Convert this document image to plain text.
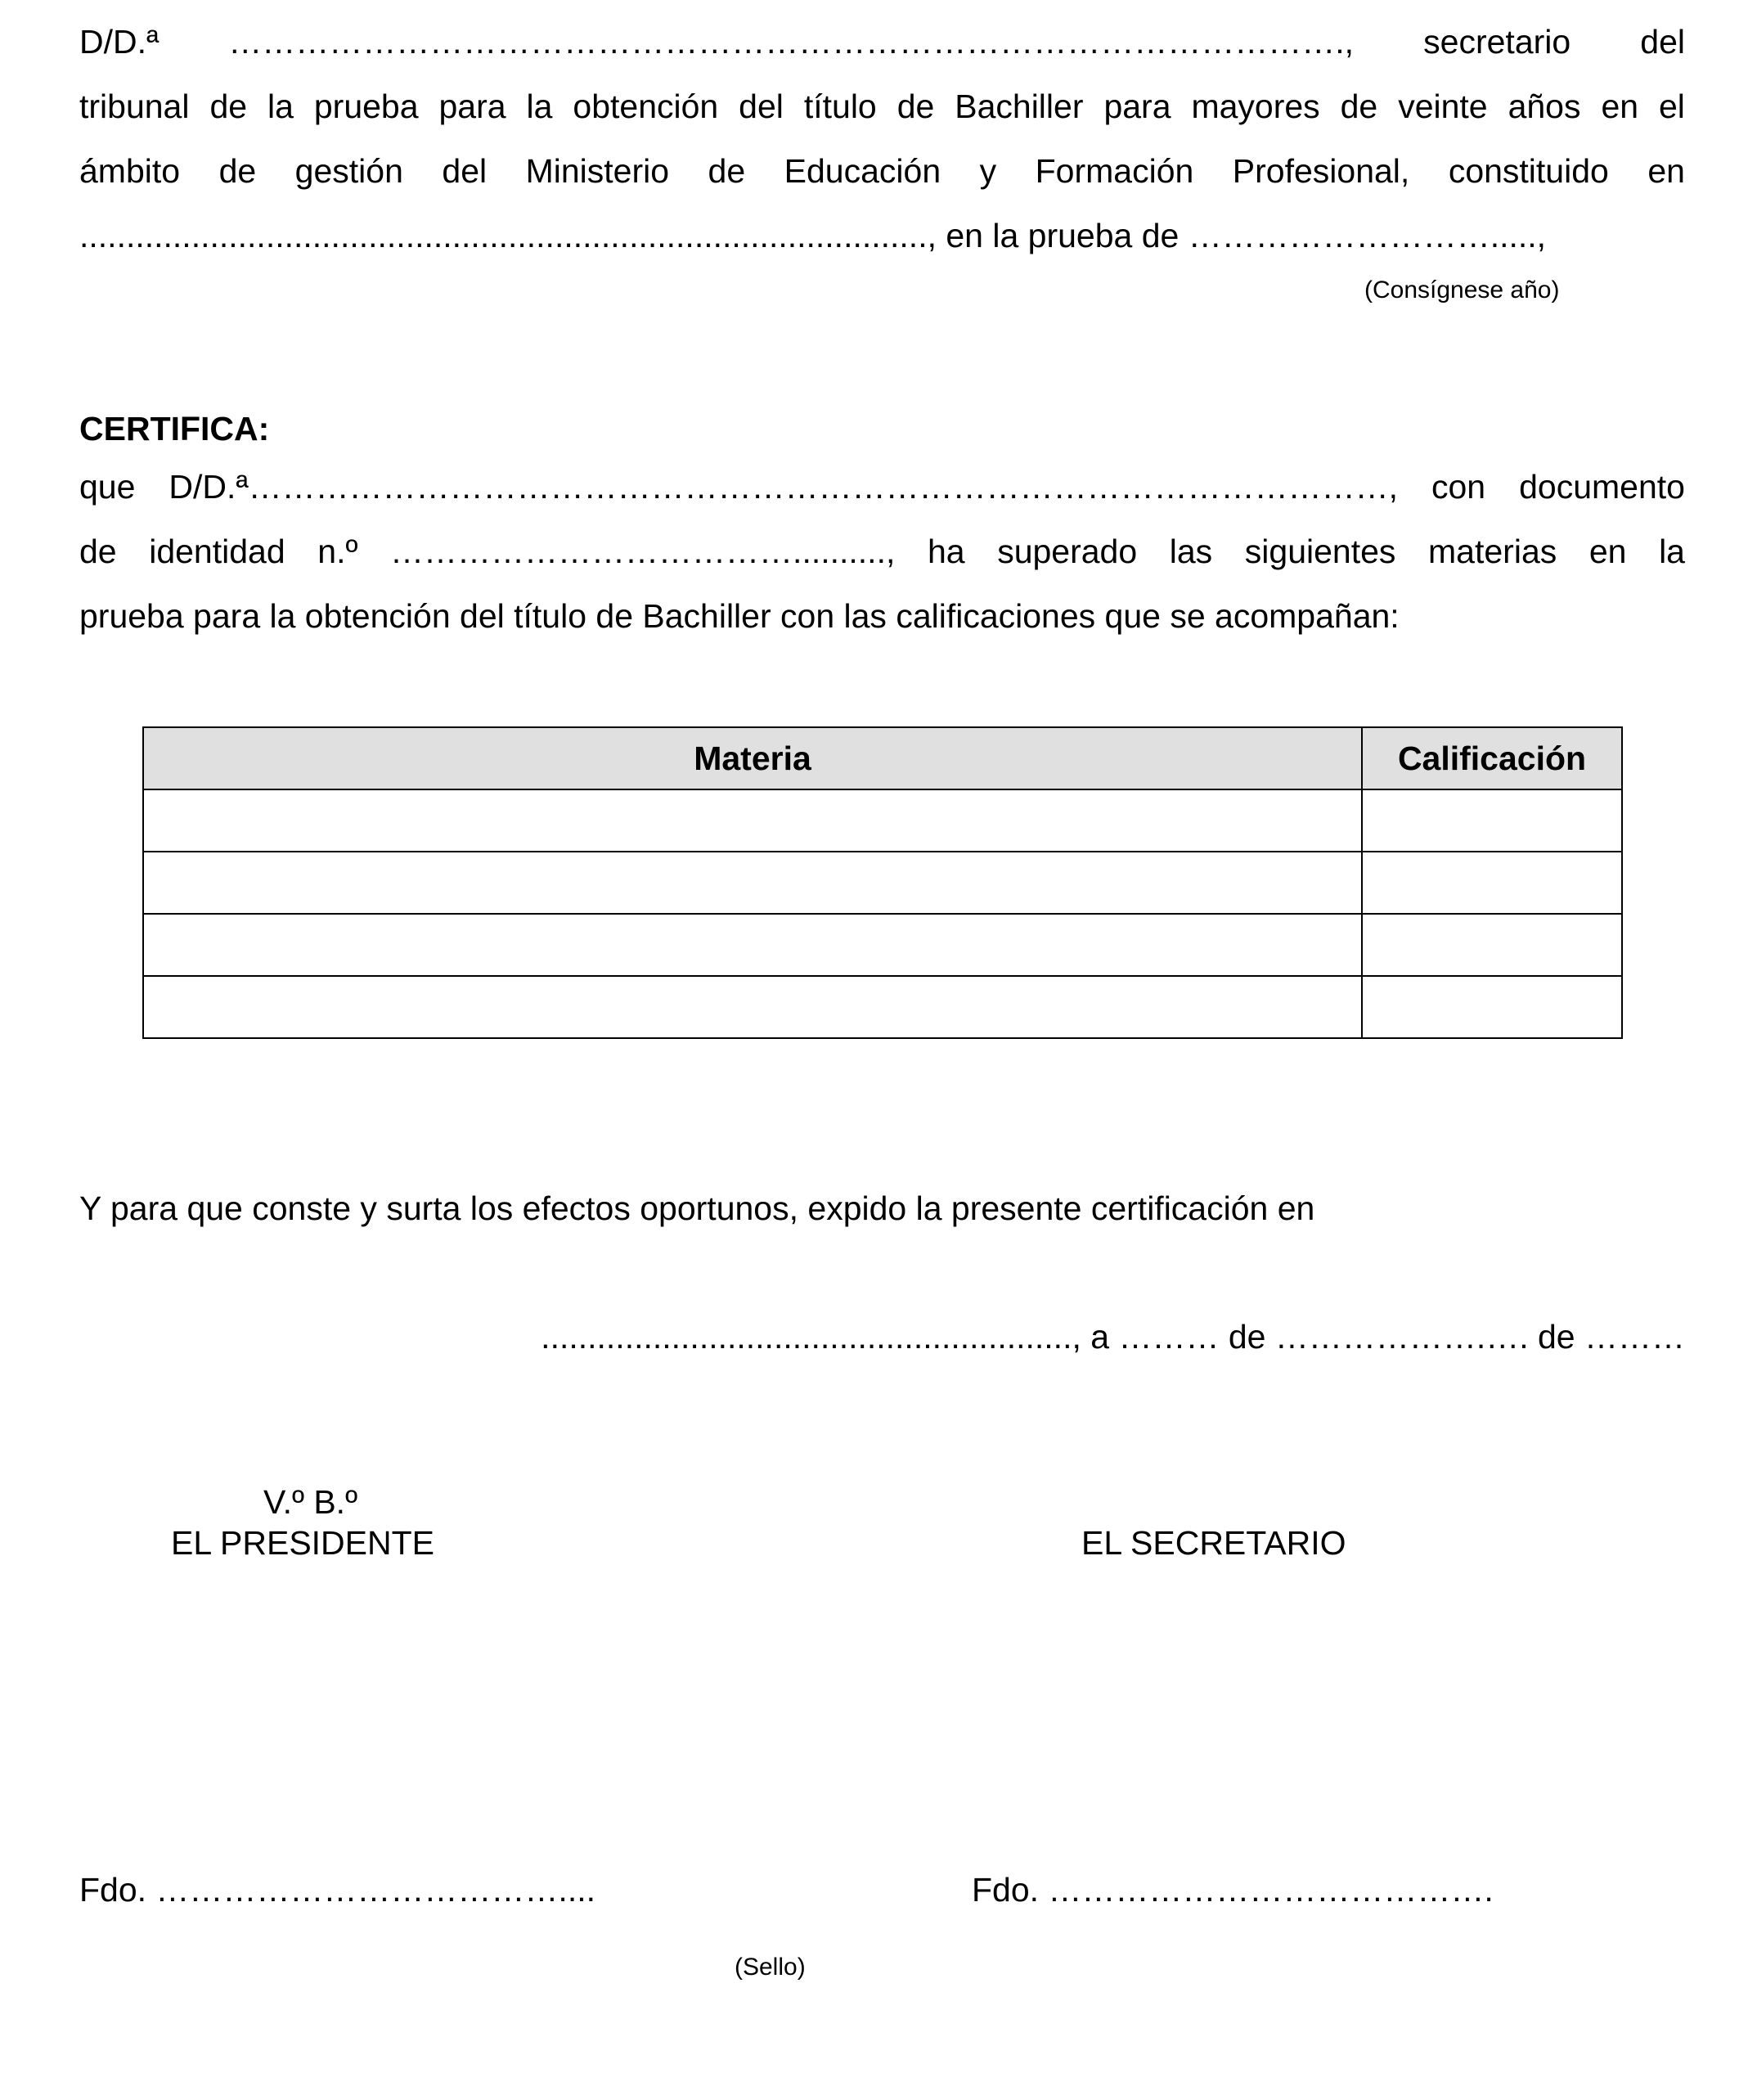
D/D.ª ………………………………………………………………………………………., secretario del
tribunal de la prueba para la obtención del título de Bachiller para mayores de veinte años en el
ámbito de gestión del Ministerio de Educación y Formación Profesional, constituido en
..........................................................................................., en la prueba de ……………………….....,
(Consígnese año)
CERTIFICA:
que D/D.ª…………………………………………………………………………………………, con documento
de identidad n.º ……………………………….........., ha superado las siguientes materias en la
prueba para la obtención del título de Bachiller con las calificaciones que se acompañan:
Materia	Calificación

Y para que conste y surta los efectos oportunos, expido la presente certificación en
........................................................., a ……… de ……………….…. de ………
V.º B.º
EL PRESIDENTE	EL SECRETARIO
Fdo. ………………………………....	Fdo. ………………………………….
(Sello)
